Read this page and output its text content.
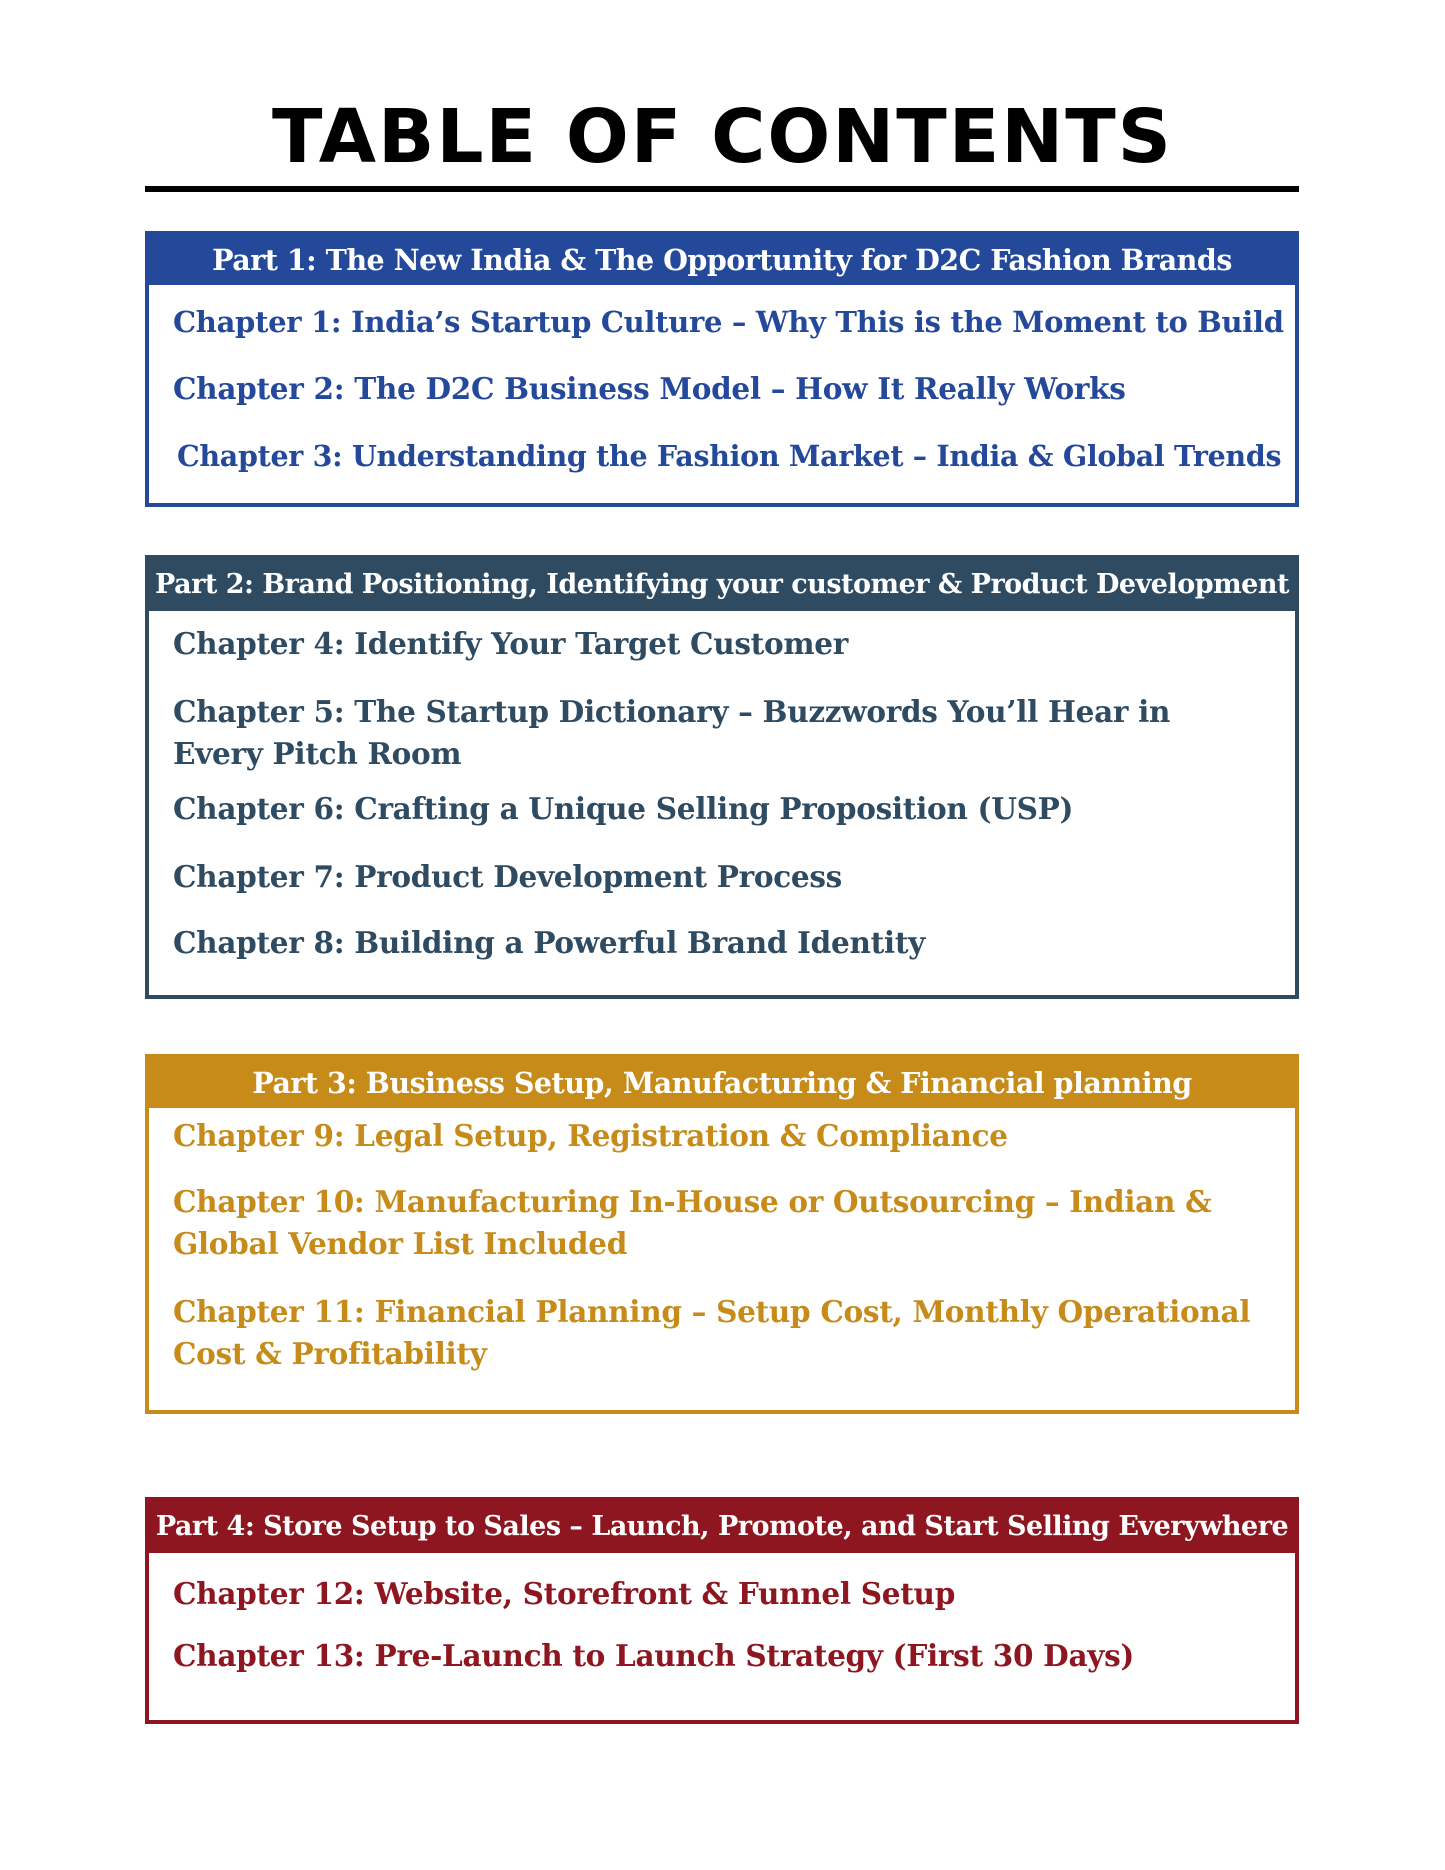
TABLE OF CONTENTS
Part 1: The New India & The Opportunity for D2C Fashion Brands

Chapter 1: India’s Startup Culture – Why This is the Moment to Build

Chapter 2: The D2C Business Model – How It Really Works

Chapter 3: Understanding the Fashion Market – India & Global Trends

Part 2: Brand Positioning, Identifying your customer & Product Development

Chapter 4: Identify Your Target Customer

Chapter 5: The Startup Dictionary – Buzzwords You’ll Hear in Every Pitch Room

Chapter 6: Crafting a Unique Selling Proposition (USP)

Chapter 7: Product Development Process

Chapter 8: Building a Powerful Brand Identity

Part 3: Business Setup, Manufacturing & Financial planning

Chapter 9: Legal Setup, Registration & Compliance

Chapter 10: Manufacturing In-House or Outsourcing – Indian & Global Vendor List Included

Chapter 11: Financial Planning – Setup Cost, Monthly Operational Cost & Profitability

Part 4: Store Setup to Sales – Launch, Promote, and Start Selling Everywhere

Chapter 12: Website, Storefront & Funnel Setup

Chapter 13: Pre-Launch to Launch Strategy (First 30 Days)
